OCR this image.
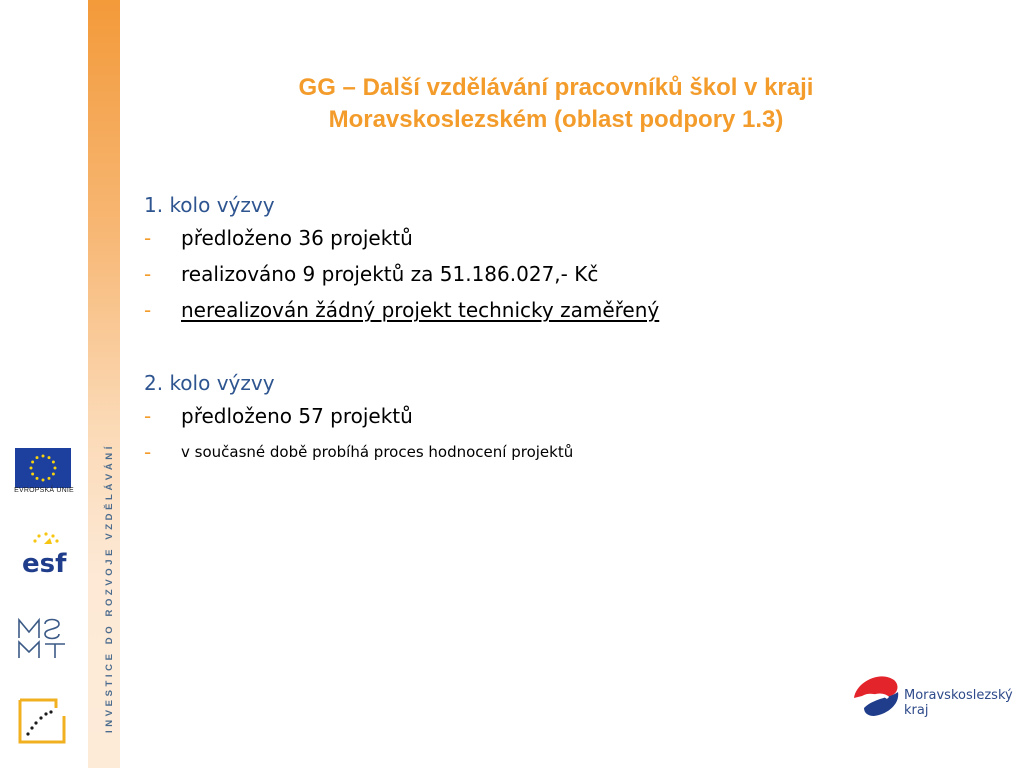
INVESTICE DO ROZVOJE VZDĚLÁVÁNÍ
EVROPSKÁ UNIE
esf
GG – Další vzdělávání pracovníků škol v kraji
Moravskoslezském (oblast podpory 1.3)
1. kolo výzvy
- předloženo 36 projektů
- realizováno 9 projektů za 51.186.027,- Kč
- nerealizován žádný projekt technicky zaměřený
2. kolo výzvy
- předloženo 57 projektů
- v současné době probíhá proces hodnocení projektů
Moravskoslezský
kraj
